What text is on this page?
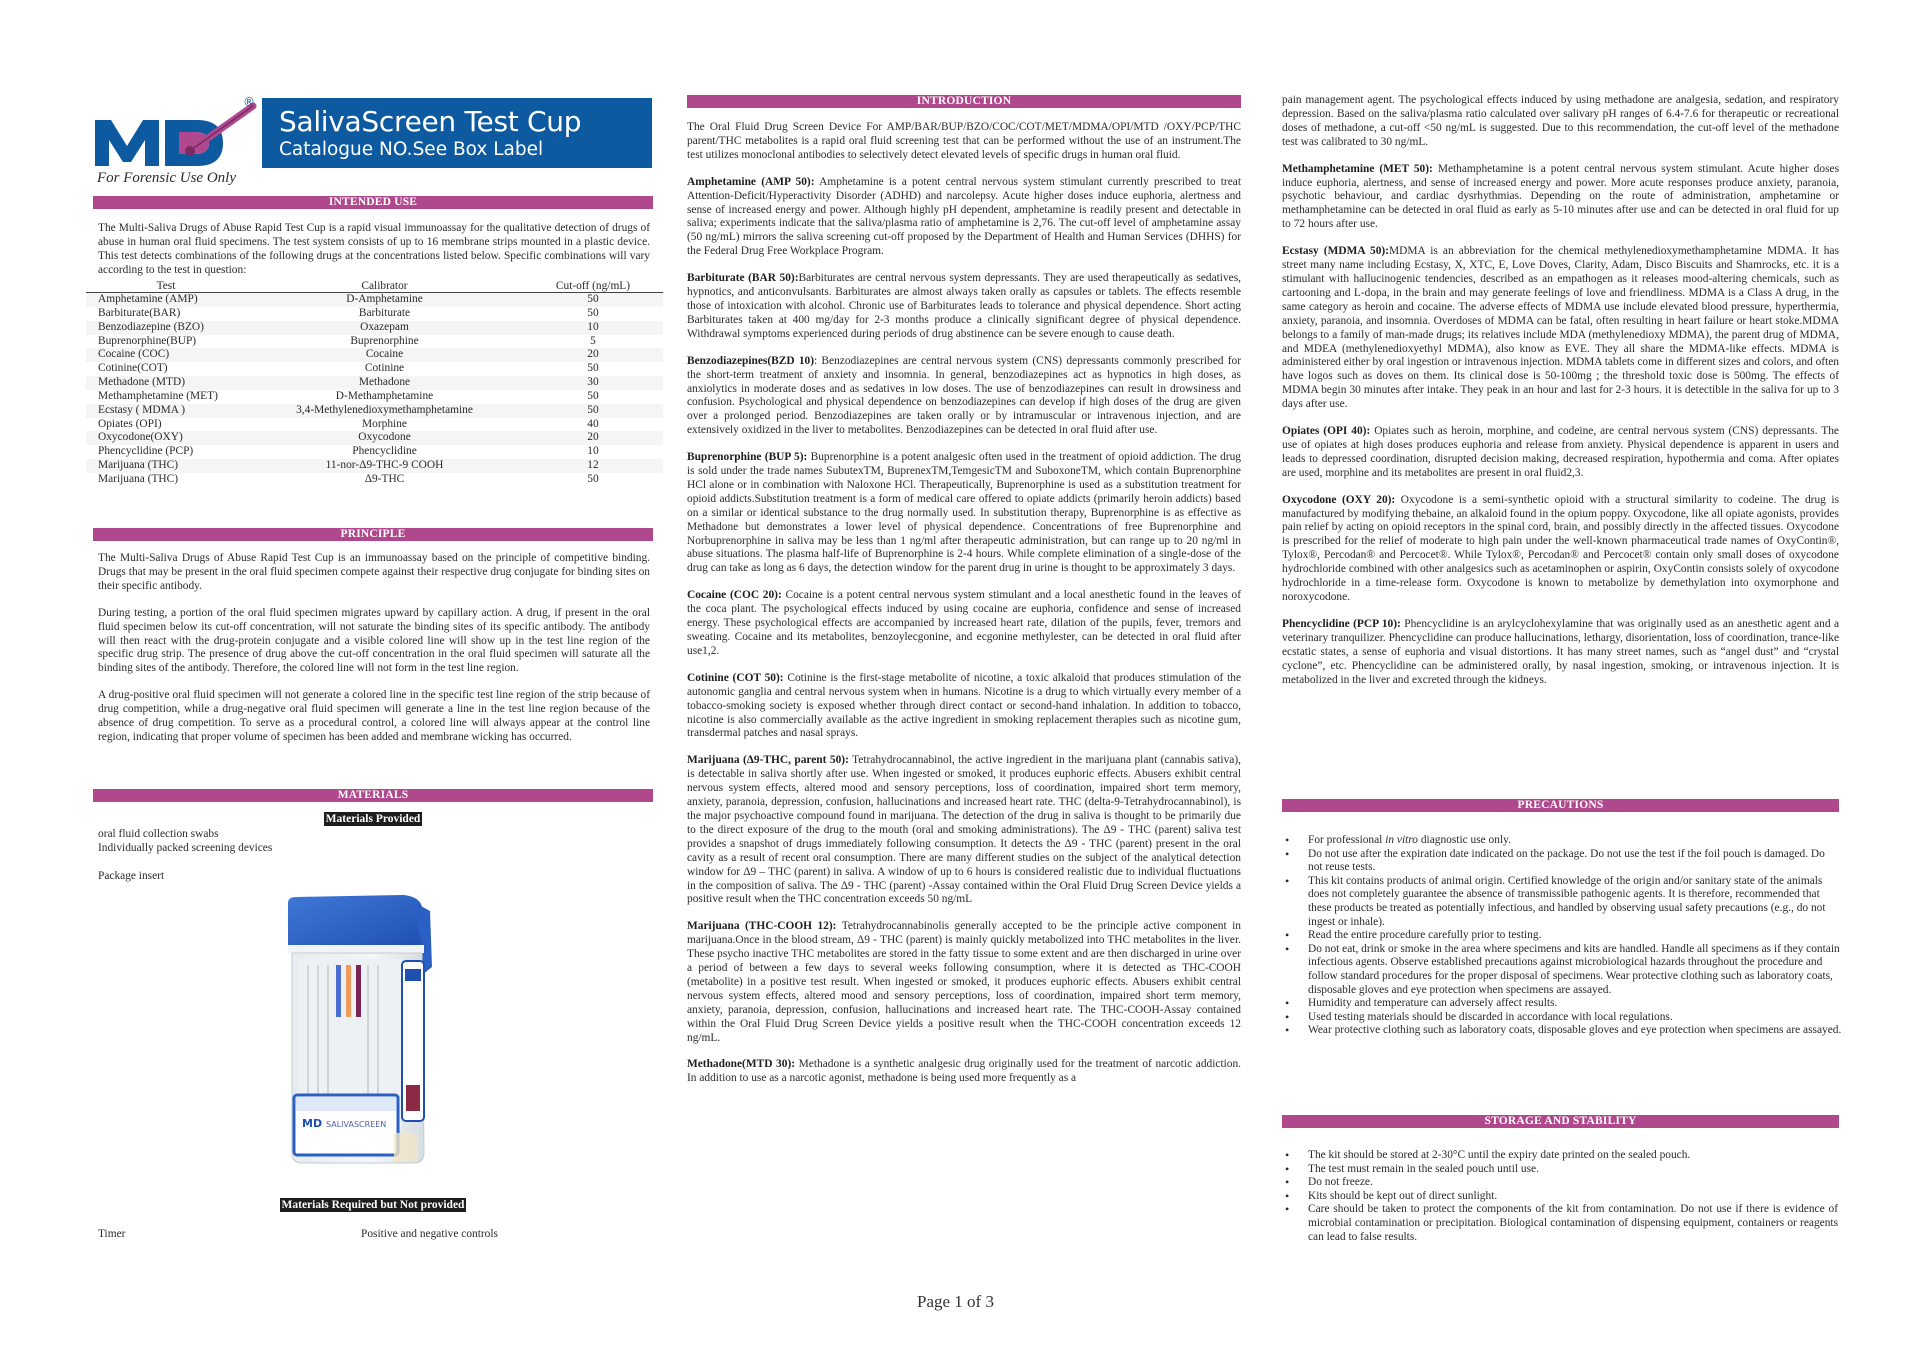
®
SalivaScreen Test Cup
Catalogue NO.See Box Label
For Forensic Use Only
INTENDED USE

The Multi-Saliva Drugs of Abuse Rapid Test Cup is a rapid visual immunoassay for the qualitative detection of drugs of abuse in human oral fluid specimens. The test system consists of up to 16 membrane strips mounted in a plastic device. This test detects combinations of the following drugs at the concentrations listed below. Specific combinations will vary according to the test in question:

Test	Calibrator	Cut-off (ng/mL)
Amphetamine (AMP)	D-Amphetamine	50
Barbiturate(BAR)	Barbiturate	50
Benzodiazepine (BZO)	Oxazepam	10
Buprenorphine(BUP)	Buprenorphine	5
Cocaine (COC)	Cocaine	20
Cotinine(COT)	Cotinine	50
Methadone (MTD)	Methadone	30
Methamphetamine (MET)	D-Methamphetamine	50
Ecstasy ( MDMA )	3,4-Methylenedioxymethamphetamine	50
Opiates (OPI)	Morphine	40
Oxycodone(OXY)	Oxycodone	20
Phencyclidine (PCP)	Phencyclidine	10
Marijuana (THC)	11-nor-Δ9-THC-9 COOH	12
Marijuana (THC)	Δ9-THC	50
PRINCIPLE

The Multi-Saliva Drugs of Abuse Rapid Test Cup is an immunoassay based on the principle of competitive binding. Drugs that may be present in the oral fluid specimen compete against their respective drug conjugate for binding sites on their specific antibody.

During testing, a portion of the oral fluid specimen migrates upward by capillary action. A drug, if present in the oral fluid specimen below its cut-off concentration, will not saturate the binding sites of its specific antibody. The antibody will then react with the drug-protein conjugate and a visible colored line will show up in the test line region of the specific drug strip. The presence of drug above the cut-off concentration in the oral fluid specimen will saturate all the binding sites of the antibody. Therefore, the colored line will not form in the test line region.

A drug-positive oral fluid specimen will not generate a colored line in the specific test line region of the strip because of drug competition, while a drug-negative oral fluid specimen will generate a line in the test line region because of the absence of drug competition. To serve as a procedural control, a colored line will always appear at the control line region, indicating that proper volume of specimen has been added and membrane wicking has occurred.

MATERIALS
Materials Provided
oral fluid collection swabs
Individually packed screening devices
Package insert
MD SALIVASCREEN
Materials Required but Not provided
Timer	Positive and negative controls
INTRODUCTION

The Oral Fluid Drug Screen Device For AMP/BAR/BUP/BZO/COC/COT/MET/MDMA/OPI/MTD /OXY/PCP/THC parent/THC metabolites is a rapid oral fluid screening test that can be performed without the use of an instrument.The test utilizes monoclonal antibodies to selectively detect elevated levels of specific drugs in human oral fluid.

Amphetamine (AMP 50): Amphetamine is a potent central nervous system stimulant currently prescribed to treat Attention-Deficit/Hyperactivity Disorder (ADHD) and narcolepsy. Acute higher doses induce euphoria, alertness and sense of increased energy and power. Although highly pH dependent, amphetamine is readily present and detectable in saliva; experiments indicate that the saliva/plasma ratio of amphetamine is 2,76. The cut-off level of amphetamine assay (50 ng/mL) mirrors the saliva screening cut-off proposed by the Department of Health and Human Services (DHHS) for the Federal Drug Free Workplace Program.

Barbiturate (BAR 50):Barbiturates are central nervous system depressants. They are used therapeutically as sedatives, hypnotics, and anticonvulsants. Barbiturates are almost always taken orally as capsules or tablets. The effects resemble those of intoxication with alcohol. Chronic use of Barbiturates leads to tolerance and physical dependence. Short acting Barbiturates taken at 400 mg/day for 2-3 months produce a clinically significant degree of physical dependence. Withdrawal symptoms experienced during periods of drug abstinence can be severe enough to cause death.

Benzodiazepines(BZD 10): Benzodiazepines are central nervous system (CNS) depressants commonly prescribed for the short-term treatment of anxiety and insomnia. In general, benzodiazepines act as hypnotics in high doses, as anxiolytics in moderate doses and as sedatives in low doses. The use of benzodiazepines can result in drowsiness and confusion. Psychological and physical dependence on benzodiazepines can develop if high doses of the drug are given over a prolonged period. Benzodiazepines are taken orally or by intramuscular or intravenous injection, and are extensively oxidized in the liver to metabolites. Benzodiazepines can be detected in oral fluid after use.

Buprenorphine (BUP 5): Buprenorphine is a potent analgesic often used in the treatment of opioid addiction. The drug is sold under the trade names SubutexTM, BuprenexTM,TemgesicTM and SuboxoneTM, which contain Buprenorphine HCl alone or in combination with Naloxone HCl. Therapeutically, Buprenorphine is used as a substitution treatment for opioid addicts.Substitution treatment is a form of medical care offered to opiate addicts (primarily heroin addicts) based on a similar or identical substance to the drug normally used. In substitution therapy, Buprenorphine is as effective as Methadone but demonstrates a lower level of physical dependence. Concentrations of free Buprenorphine and Norbuprenorphine in saliva may be less than 1 ng/ml after therapeutic administration, but can range up to 20 ng/ml in abuse situations. The plasma half-life of Buprenorphine is 2-4 hours. While complete elimination of a single-dose of the drug can take as long as 6 days, the detection window for the parent drug in urine is thought to be approximately 3 days.

Cocaine (COC 20): Cocaine is a potent central nervous system stimulant and a local anesthetic found in the leaves of the coca plant. The psychological effects induced by using cocaine are euphoria, confidence and sense of increased energy. These psychological effects are accompanied by increased heart rate, dilation of the pupils, fever, tremors and sweating. Cocaine and its metabolites, benzoylecgonine, and ecgonine methylester, can be detected in oral fluid after use1,2.

Cotinine (COT 50): Cotinine is the first-stage metabolite of nicotine, a toxic alkaloid that produces stimulation of the autonomic ganglia and central nervous system when in humans. Nicotine is a drug to which virtually every member of a tobacco-smoking society is exposed whether through direct contact or second-hand inhalation. In addition to tobacco, nicotine is also commercially available as the active ingredient in smoking replacement therapies such as nicotine gum, transdermal patches and nasal sprays.

Marijuana (Δ9-THC, parent 50): Tetrahydrocannabinol, the active ingredient in the marijuana plant (cannabis sativa), is detectable in saliva shortly after use. When ingested or smoked, it produces euphoric effects. Abusers exhibit central nervous system effects, altered mood and sensory perceptions, loss of coordination, impaired short term memory, anxiety, paranoia, depression, confusion, hallucinations and increased heart rate. THC (delta-9-Tetrahydrocannabinol), is the major psychoactive compound found in marijuana. The detection of the drug in saliva is thought to be primarily due to the direct exposure of the drug to the mouth (oral and smoking administrations). The Δ9 - THC (parent) saliva test provides a snapshot of drugs immediately following consumption. It detects the Δ9 - THC (parent) present in the oral cavity as a result of recent oral consumption. There are many different studies on the subject of the analytical detection window for Δ9 – THC (parent) in saliva. A window of up to 6 hours is considered realistic due to individual fluctuations in the composition of saliva. The Δ9 - THC (parent) -Assay contained within the Oral Fluid Drug Screen Device yields a positive result when the THC concentration exceeds 50 ng/mL

Marijuana (THC-COOH 12): Tetrahydrocannabinolis generally accepted to be the principle active component in marijuana.Once in the blood stream, Δ9 - THC (parent) is mainly quickly metabolized into THC metabolites in the liver. These psycho inactive THC metabolites are stored in the fatty tissue to some extent and are then discharged in urine over a period of between a few days to several weeks following consumption, where it is detected as THC-COOH (metabolite) in a positive test result. When ingested or smoked, it produces euphoric effects. Abusers exhibit central nervous system effects, altered mood and sensory perceptions, loss of coordination, impaired short term memory, anxiety, paranoia, depression, confusion, hallucinations and increased heart rate. The THC-COOH-Assay contained within the Oral Fluid Drug Screen Device yields a positive result when the THC-COOH concentration exceeds 12 ng/mL.

Methadone(MTD 30): Methadone is a synthetic analgesic drug originally used for the treatment of narcotic addiction. In addition to use as a narcotic agonist, methadone is being used more frequently as a

pain management agent. The psychological effects induced by using methadone are analgesia, sedation, and respiratory depression. Based on the saliva/plasma ratio calculated over salivary pH ranges of 6.4-7.6 for therapeutic or recreational doses of methadone, a cut-off <50 ng/mL is suggested. Due to this recommendation, the cut-off level of the methadone test was calibrated to 30 ng/mL.

Methamphetamine (MET 50): Methamphetamine is a potent central nervous system stimulant. Acute higher doses induce euphoria, alertness, and sense of increased energy and power. More acute responses produce anxiety, paranoia, psychotic behaviour, and cardiac dysrhythmias. Depending on the route of administration, amphetamine or methamphetamine can be detected in oral fluid as early as 5-10 minutes after use and can be detected in oral fluid for up to 72 hours after use.

Ecstasy (MDMA 50):MDMA is an abbreviation for the chemical methylenedioxymethamphetamine MDMA. It has street many name including Ecstasy, X, XTC, E, Love Doves, Clarity, Adam, Disco Biscuits and Shamrocks, etc. it is a stimulant with hallucinogenic tendencies, described as an empathogen as it releases mood-altering chemicals, such as cartooning and L-dopa, in the brain and may generate feelings of love and friendliness. MDMA is a Class A drug, in the same category as heroin and cocaine. The adverse effects of MDMA use include elevated blood pressure, hyperthermia, anxiety, paranoia, and insomnia. Overdoses of MDMA can be fatal, often resulting in heart failure or heart stoke.MDMA belongs to a family of man-made drugs; its relatives include MDA (methylenedioxy MDMA), the parent drug of MDMA, and MDEA (methylenedioxyethyl MDMA), also know as EVE. They all share the MDMA-like effects. MDMA is administered either by oral ingestion or intravenous injection. MDMA tablets come in different sizes and colors, and often have logos such as doves on them. Its clinical dose is 50-100mg ; the threshold toxic dose is 500mg. The effects of MDMA begin 30 minutes after intake. They peak in an hour and last for 2-3 hours. it is detectible in the saliva for up to 3 days after use.

Opiates (OPI 40): Opiates such as heroin, morphine, and codeine, are central nervous system (CNS) depressants. The use of opiates at high doses produces euphoria and release from anxiety. Physical dependence is apparent in users and leads to depressed coordination, disrupted decision making, decreased respiration, hypothermia and coma. After opiates are used, morphine and its metabolites are present in oral fluid2,3.

Oxycodone (OXY 20): Oxycodone is a semi-synthetic opioid with a structural similarity to codeine. The drug is manufactured by modifying thebaine, an alkaloid found in the opium poppy. Oxycodone, like all opiate agonists, provides pain relief by acting on opioid receptors in the spinal cord, brain, and possibly directly in the affected tissues. Oxycodone is prescribed for the relief of moderate to high pain under the well-known pharmaceutical trade names of OxyContin®, Tylox®, Percodan® and Percocet®. While Tylox®, Percodan® and Percocet® contain only small doses of oxycodone hydrochloride combined with other analgesics such as acetaminophen or aspirin, OxyContin consists solely of oxycodone hydrochloride in a time-release form. Oxycodone is known to metabolize by demethylation into oxymorphone and noroxycodone.

Phencyclidine (PCP 10): Phencyclidine is an arylcyclohexylamine that was originally used as an anesthetic agent and a veterinary tranquilizer. Phencyclidine can produce hallucinations, lethargy, disorientation, loss of coordination, trance-like ecstatic states, a sense of euphoria and visual distortions. It has many street names, such as “angel dust” and “crystal cyclone”, etc. Phencyclidine can be administered orally, by nasal ingestion, smoking, or intravenous injection. It is metabolized in the liver and excreted through the kidneys.

PRECAUTIONS
• For professional in vitro diagnostic use only.
• Do not use after the expiration date indicated on the package. Do not use the test if the foil pouch is damaged. Do not reuse tests.
• This kit contains products of animal origin. Certified knowledge of the origin and/or sanitary state of the animals does not completely guarantee the absence of transmissible pathogenic agents. It is therefore, recommended that these products be treated as potentially infectious, and handled by observing usual safety precautions (e.g., do not ingest or inhale).
• Read the entire procedure carefully prior to testing.
• Do not eat, drink or smoke in the area where specimens and kits are handled. Handle all specimens as if they contain infectious agents. Observe established precautions against microbiological hazards throughout the procedure and follow standard procedures for the proper disposal of specimens. Wear protective clothing such as laboratory coats, disposable gloves and eye protection when specimens are assayed.
• Humidity and temperature can adversely affect results.
• Used testing materials should be discarded in accordance with local regulations.
• Wear protective clothing such as laboratory coats, disposable gloves and eye protection when specimens are assayed.
STORAGE AND STABILITY
• The kit should be stored at 2-30°C until the expiry date printed on the sealed pouch.
• The test must remain in the sealed pouch until use.
• Do not freeze.
• Kits should be kept out of direct sunlight.
• Care should be taken to protect the components of the kit from contamination. Do not use if there is evidence of microbial contamination or precipitation. Biological contamination of dispensing equipment, containers or reagents can lead to false results.
Page 1 of 3
